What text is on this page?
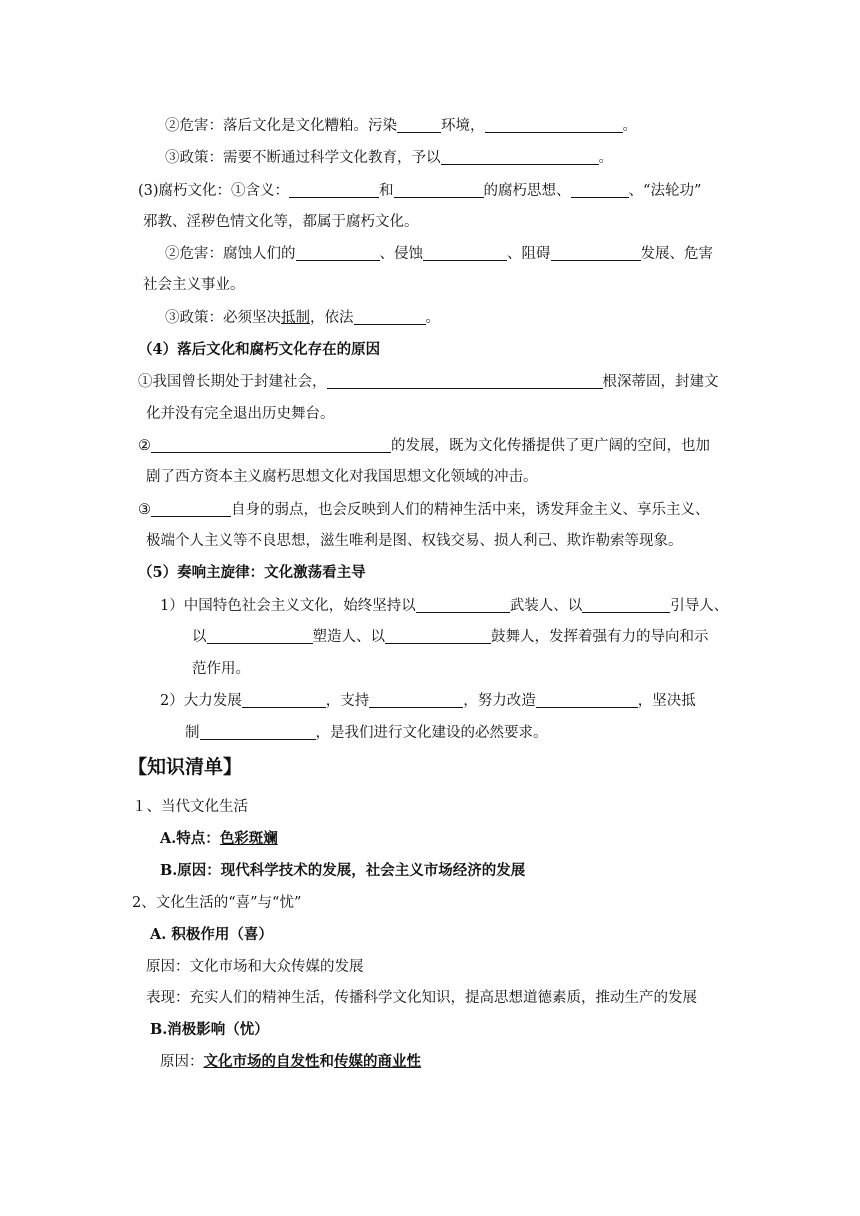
②危害：落后文化是文化糟粕。污染	环境，	。
③政策：需要不断通过科学文化教育，予以	。
(3)腐朽文化：①含义：	和	的腐朽思想、	、“法轮功”
邪教、淫秽色情文化等，都属于腐朽文化。
②危害：腐蚀人们的	、侵蚀	、阻碍	发展、危害
社会主义事业。
③政策：必须坚决抵制，依法	。
（4）落后文化和腐朽文化存在的原因
①我国曾长期处于封建社会，	根深蒂固，封建文
化并没有完全退出历史舞台。
②	的发展，既为文化传播提供了更广阔的空间，也加
剧了西方资本主义腐朽思想文化对我国思想文化领域的冲击。
③	自身的弱点，也会反映到人们的精神生活中来，诱发拜金主义、享乐主义、
极端个人主义等不良思想，滋生唯利是图、权钱交易、损人利己、欺诈勒索等现象。
（5）奏响主旋律：文化激荡看主导
1）中国特色社会主义文化，始终坚持以	武装人、以	引导人、
以	塑造人、以	鼓舞人，发挥着强有力的导向和示
范作用。
2）大力发展	，支持	，努力改造	，坚决抵
制	，是我们进行文化建设的必然要求。
【知识清单】
１、当代文化生活
A.特点：色彩斑斓
B.原因：现代科学技术的发展，社会主义市场经济的发展
2、文化生活的“喜”与“忧”
A. 积极作用（喜）
原因：文化市场和大众传媒的发展
表现：充实人们的精神生活，传播科学文化知识，提高思想道德素质，推动生产的发展
B.消极影响（忧）
原因：文化市场的自发性和传媒的商业性
